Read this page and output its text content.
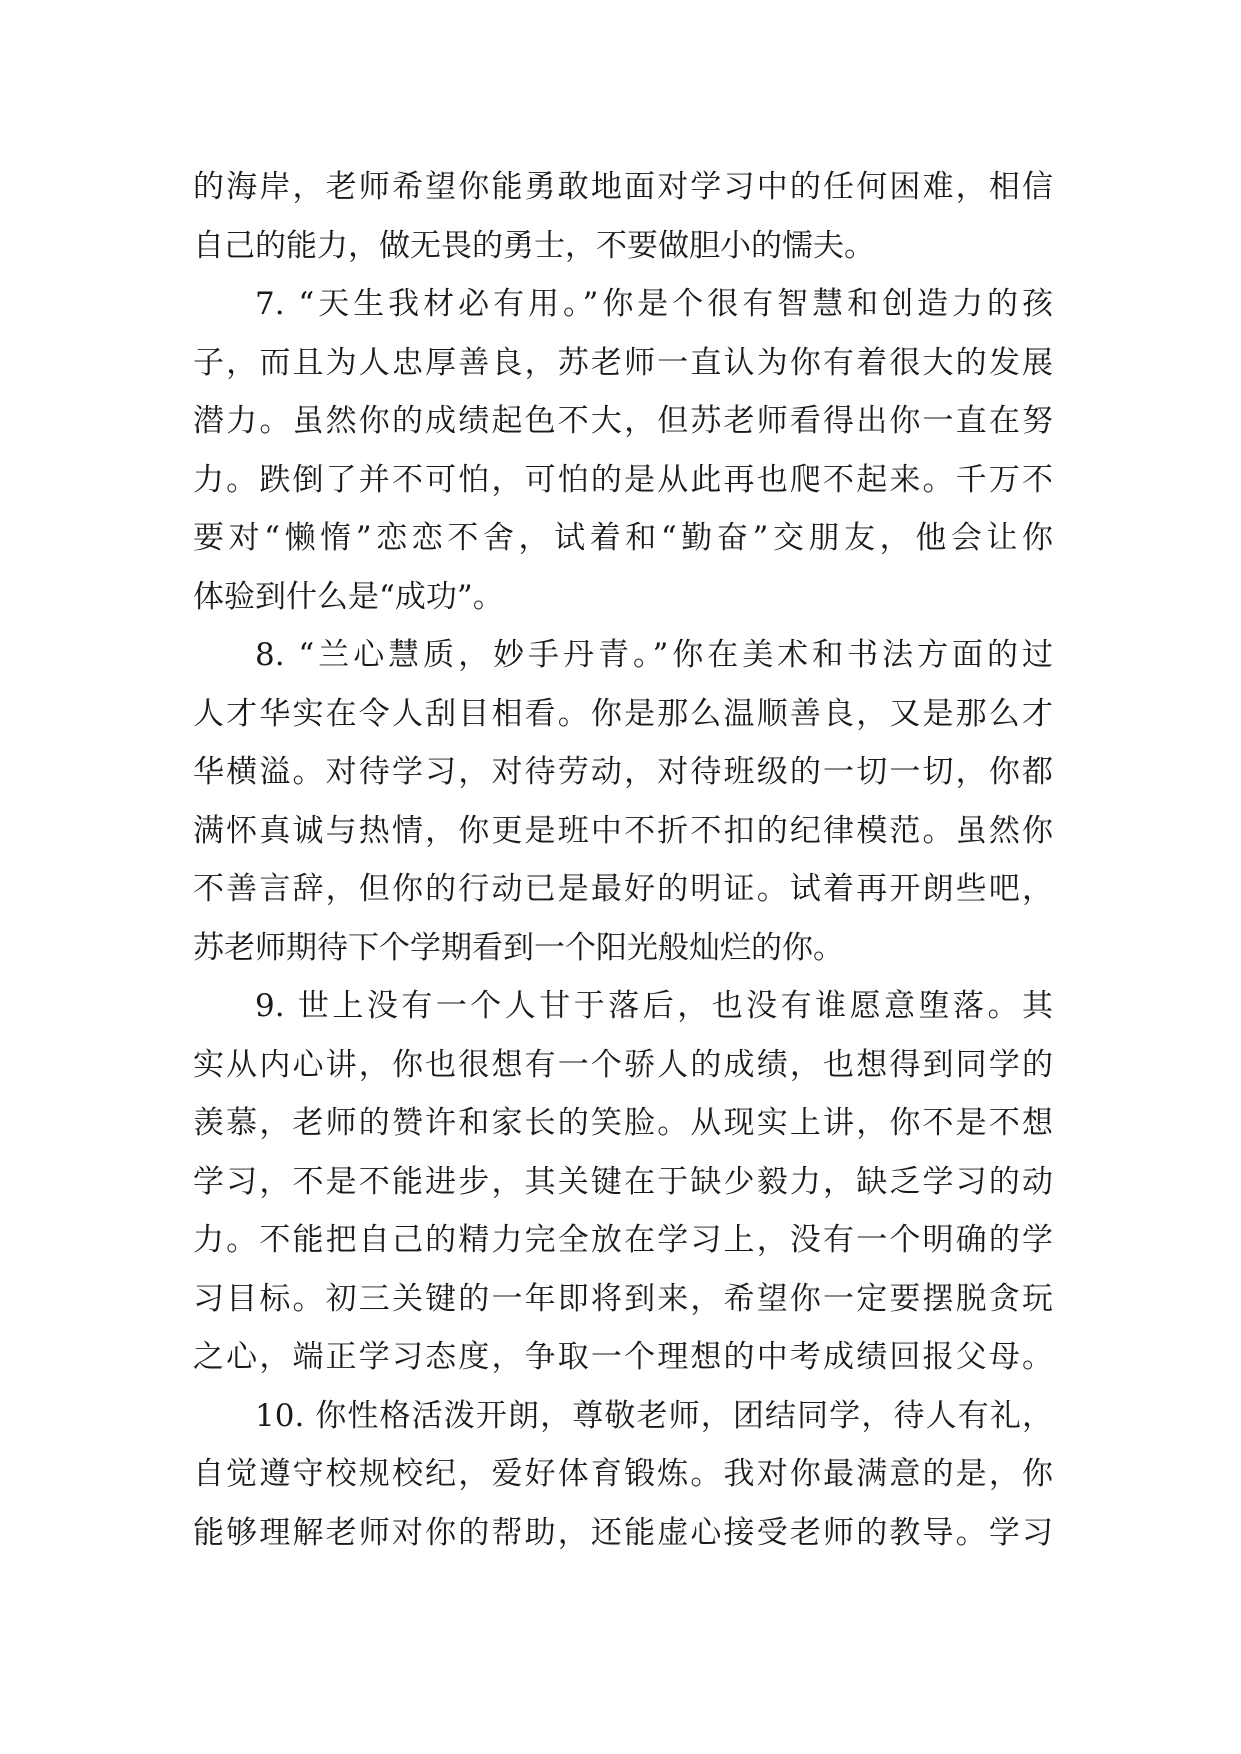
的海岸，老师希望你能勇敢地面对学习中的任何困难，相信
自己的能力，做无畏的勇士，不要做胆小的懦夫。
7. “天生我材必有用。”你是个很有智慧和创造力的孩
子，而且为人忠厚善良，苏老师一直认为你有着很大的发展
潜力。虽然你的成绩起色不大，但苏老师看得出你一直在努
力。跌倒了并不可怕，可怕的是从此再也爬不起来。千万不
要对“懒惰”恋恋不舍，试着和“勤奋”交朋友，他会让你
体验到什么是“成功”。
8. “兰心慧质，妙手丹青。”你在美术和书法方面的过
人才华实在令人刮目相看。你是那么温顺善良，又是那么才
华横溢。对待学习，对待劳动，对待班级的一切一切，你都
满怀真诚与热情，你更是班中不折不扣的纪律模范。虽然你
不善言辞，但你的行动已是最好的明证。试着再开朗些吧，
苏老师期待下个学期看到一个阳光般灿烂的你。
9. 世上没有一个人甘于落后，也没有谁愿意堕落。其
实从内心讲，你也很想有一个骄人的成绩，也想得到同学的
羡慕，老师的赞许和家长的笑脸。从现实上讲，你不是不想
学习，不是不能进步，其关键在于缺少毅力，缺乏学习的动
力。不能把自己的精力完全放在学习上，没有一个明确的学
习目标。初三关键的一年即将到来，希望你一定要摆脱贪玩
之心，端正学习态度，争取一个理想的中考成绩回报父母。
10. 你性格活泼开朗，尊敬老师，团结同学，待人有礼，
自觉遵守校规校纪，爱好体育锻炼。我对你最满意的是，你
能够理解老师对你的帮助，还能虚心接受老师的教导。学习
